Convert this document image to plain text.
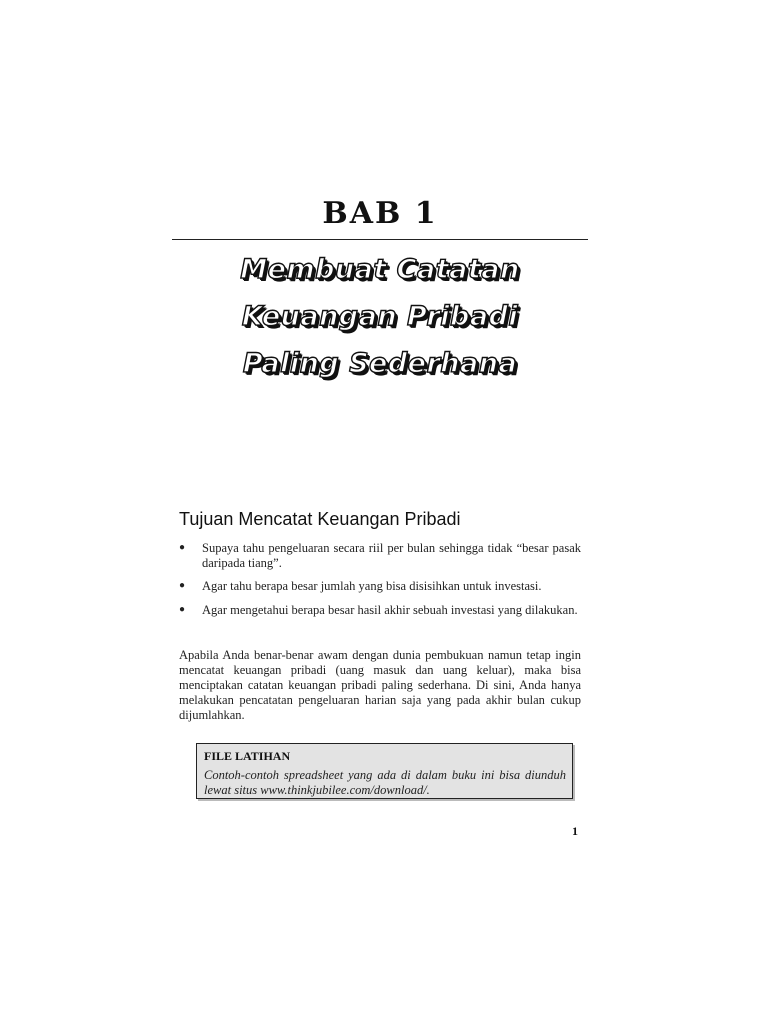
BAB 1
Membuat Catatan
Keuangan Pribadi
Paling Sederhana
Tujuan Mencatat Keuangan Pribadi
● Supaya tahu pengeluaran secara riil per bulan sehingga tidak “besar pasak daripada tiang”.
● Agar tahu berapa besar jumlah yang bisa disisihkan untuk investasi.
● Agar mengetahui berapa besar hasil akhir sebuah investasi yang dilakukan.

Apabila Anda benar-benar awam dengan dunia pembukuan namun tetap ingin mencatat keuangan pribadi (uang masuk dan uang keluar), maka bisa menciptakan catatan keuangan pribadi paling sederhana. Di sini, Anda hanya melakukan pencatatan pengeluaran harian saja yang pada akhir bulan cukup dijumlahkan.

FILE LATIHAN
Contoh-contoh spreadsheet yang ada di dalam buku ini bisa diunduh lewat situs www.thinkjubilee.com/download/.
1
